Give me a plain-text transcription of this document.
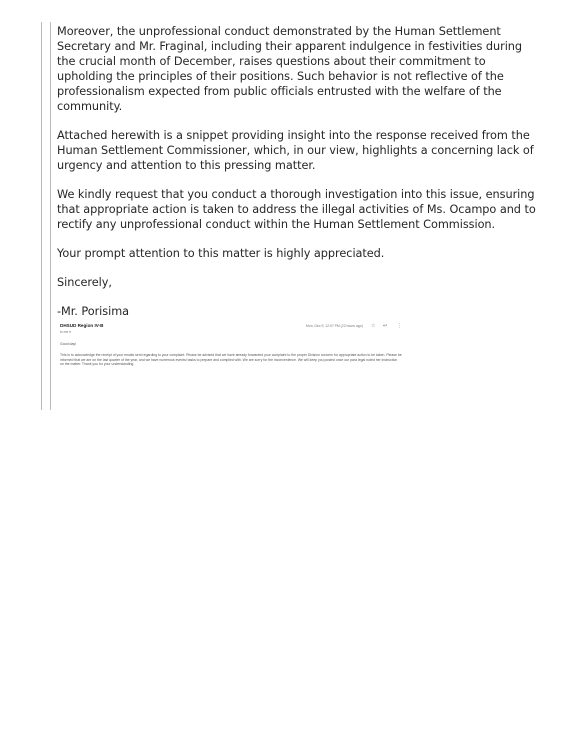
Moreover, the unprofessional conduct demonstrated by the Human Settlement Secretary and Mr. Fraginal, including their apparent indulgence in festivities during the crucial month of December, raises questions about their commitment to upholding the principles of their positions. Such behavior is not reflective of the professionalism expected from public officials entrusted with the welfare of the community.

Attached herewith is a snippet providing insight into the response received from the Human Settlement Commissioner, which, in our view, highlights a concerning lack of urgency and attention to this pressing matter.

We kindly request that you conduct a thorough investigation into this issue, ensuring that appropriate action is taken to address the illegal activities of Ms. Ocampo and to rectify any unprofessional conduct within the Human Settlement Commission.

Your prompt attention to this matter is highly appreciated.

Sincerely,

-Mr. Porisima

DHSUD Region IV-B
to me ▾
Mon, Dec 9, 12:07 PM (22 hours ago) ☆ ↩ ⋮
Good day!
This is to acknowledge the receipt of your emails sent regarding to your complaint. Please be advised that we have already forwarded your complaint to the proper Division concern for appropriate action to be taken. Please be informed that we are on the last quarter of the year, and we have numerous events/ tasks to prepare and complied with. We are sorry for the inconvenience. We will keep you posted once our para legal noted her instruction on the matter. Thank you for your understanding.
